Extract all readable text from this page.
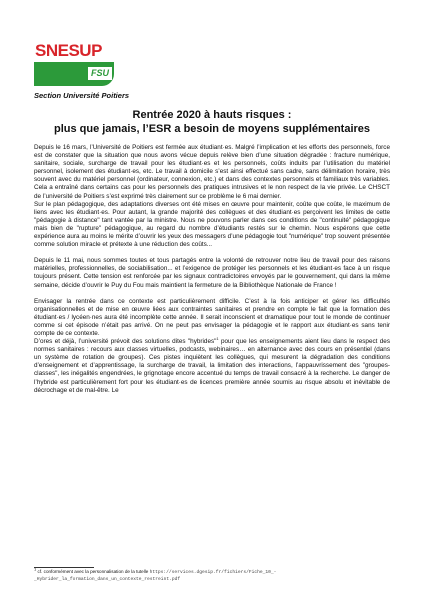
SNESUP
FSU
Section Université Poitiers
Rentrée 2020 à hauts risques :
plus que jamais, l’ESR a besoin de moyens supplémentaires

Depuis le 16 mars, l’Université de Poitiers est fermée aux étudiant·es. Malgré l’implication et les efforts des personnels, force est de constater que la situation que nous avons vécue depuis relève bien d’une situation dégradée : fracture numérique, sanitaire, sociale, surcharge de travail pour les étudiant·es et les personnels, coûts induits par l’utilisation du matériel personnel, isolement des étudiant·es, etc. Le travail à domicile s’est ainsi effectué sans cadre, sans délimitation horaire, très souvent avec du matériel personnel (ordinateur, connexion, etc.) et dans des contextes personnels et familiaux très variables. Cela a entraîné dans certains cas pour les personnels des pratiques intrusives et le non respect de la vie privée. Le CHSCT de l’université de Poitiers s’est exprimé très clairement sur ce problème le 6 mai dernier.

Sur le plan pédagogique, des adaptations diverses ont été mises en œuvre pour maintenir, coûte que coûte, le maximum de liens avec les étudiant·es. Pour autant, la grande majorité des collègues et des étudiant·es perçoivent les limites de cette "pédagogie à distance" tant vantée par la ministre. Nous ne pouvons parler dans ces conditions de "continuité" pédagogique mais bien de "rupture" pédagogique, au regard du nombre d’étudiants restés sur le chemin. Nous espérons que cette expérience aura au moins le mérite d’ouvrir les yeux des messagers d’une pédagogie tout "numérique" trop souvent présentée comme solution miracle et prétexte à une réduction des coûts...

Depuis le 11 mai, nous sommes toutes et tous partagés entre la volonté de retrouver notre lieu de travail pour des raisons matérielles, professionnelles, de sociabilisation... et l’exigence de protéger les personnels et les étudiant·es face à un risque toujours présent. Cette tension est renforcée par les signaux contradictoires envoyés par le gouvernement, qui dans la même semaine, décide d’ouvrir le Puy du Fou mais maintient la fermeture de la Bibliothèque Nationale de France !

Envisager la rentrée dans ce contexte est particulièrement difficile. C’est à la fois anticiper et gérer les difficultés organisationnelles et de mise en œuvre liées aux contraintes sanitaires et prendre en compte le fait que la formation des étudiant·es / lycéen·nes aura été incomplète cette année. Il serait inconscient et dramatique pour tout le monde de continuer comme si cet épisode n’était pas arrivé. On ne peut pas envisager la pédagogie et le rapport aux étudiant·es sans tenir compte de ce contexte.

D’ores et déjà, l’université prévoit des solutions dites "hybrides"$^1$ pour que les enseignements aient lieu dans le respect des normes sanitaires : recours aux classes virtuelles, podcasts, webinaires… en alternance avec des cours en présentiel (dans un système de rotation de groupes). Ces pistes inquiètent les collègues, qui mesurent la dégradation des conditions d’enseignement et d’apprentissage, la surcharge de travail, la limitation des interactions, l’appauvrissement des "groupes-classes", les inégalités engendrées, le grignotage encore accentué du temps de travail consacré à la recherche. Le danger de l’hybride est particulièrement fort pour les étudiant·es de licences première année soumis au risque absolu et inévitable de décrochage et de mal-être. Le

$^1$ cf. conformément avec la personnalisation de la tutelle https://services.dgesip.fr/fichiers/Fiche_10_-_Hybrider_la_formation_dans_un_contexte_restreint.pdf
